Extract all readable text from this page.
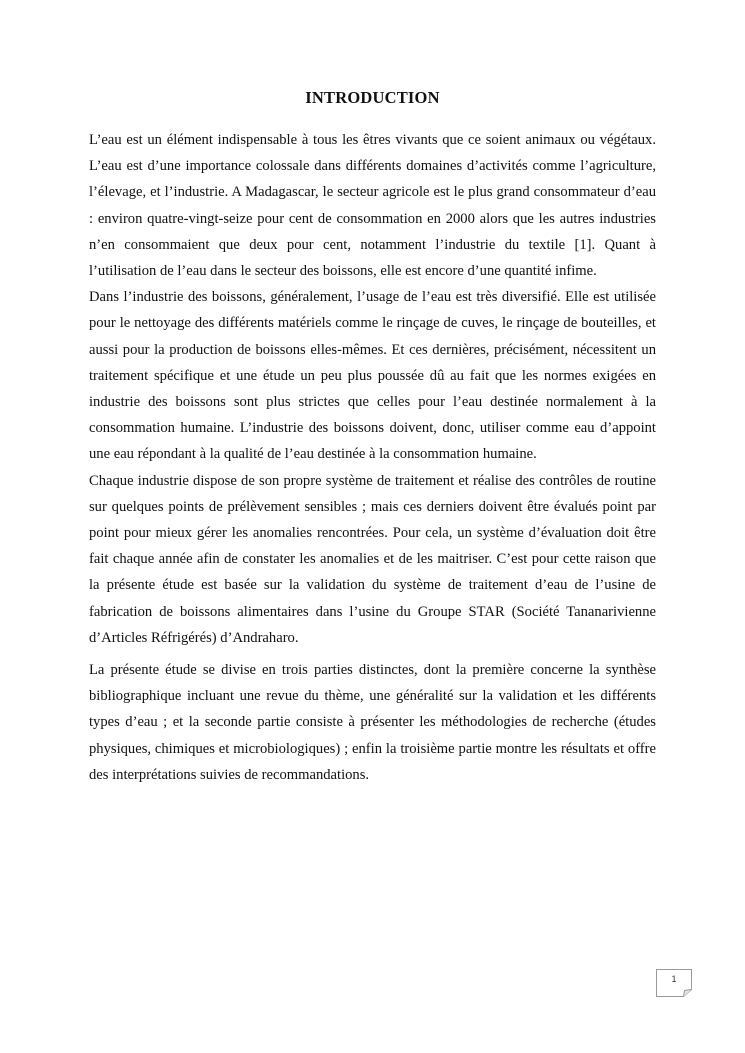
INTRODUCTION

L’eau est un élément indispensable à tous les êtres vivants que ce soient animaux ou végétaux. L’eau est d’une importance colossale dans différents domaines d’activités comme l’agriculture, l’élevage, et l’industrie. A Madagascar, le secteur agricole est le plus grand consommateur d’eau : environ quatre-vingt-seize pour cent de consommation en 2000 alors que les autres industries n’en consommaient que deux pour cent, notamment l’industrie du textile [1]. Quant à l’utilisation de l’eau dans le secteur des boissons, elle est encore d’une quantité infime.

Dans l’industrie des boissons, généralement, l’usage de l’eau est très diversifié. Elle est utilisée pour le nettoyage des différents matériels comme le rinçage de cuves, le rinçage de bouteilles, et aussi pour la production de boissons elles-mêmes. Et ces dernières, précisément, nécessitent un traitement spécifique et une étude un peu plus poussée dû au fait que les normes exigées en industrie des boissons sont plus strictes que celles pour l’eau destinée normalement à la consommation humaine. L’industrie des boissons doivent, donc, utiliser comme eau d’appoint une eau répondant à la qualité de l’eau destinée à la consommation humaine.

Chaque industrie dispose de son propre système de traitement et réalise des contrôles de routine sur quelques points de prélèvement sensibles ; mais ces derniers doivent être évalués point par point pour mieux gérer les anomalies rencontrées. Pour cela, un système d’évaluation doit être fait chaque année afin de constater les anomalies et de les maitriser. C’est pour cette raison que la présente étude est basée sur la validation du système de traitement d’eau de l’usine de fabrication de boissons alimentaires dans l’usine du Groupe STAR (Société Tananarivienne d’Articles Réfrigérés) d’Andraharo.

La présente étude se divise en trois parties distinctes, dont la première concerne la synthèse bibliographique incluant une revue du thème, une généralité sur la validation et les différents types d’eau ; et la seconde partie consiste à présenter les méthodologies de recherche (études physiques, chimiques et microbiologiques) ; enfin la troisième partie montre les résultats et offre des interprétations suivies de recommandations.

1
